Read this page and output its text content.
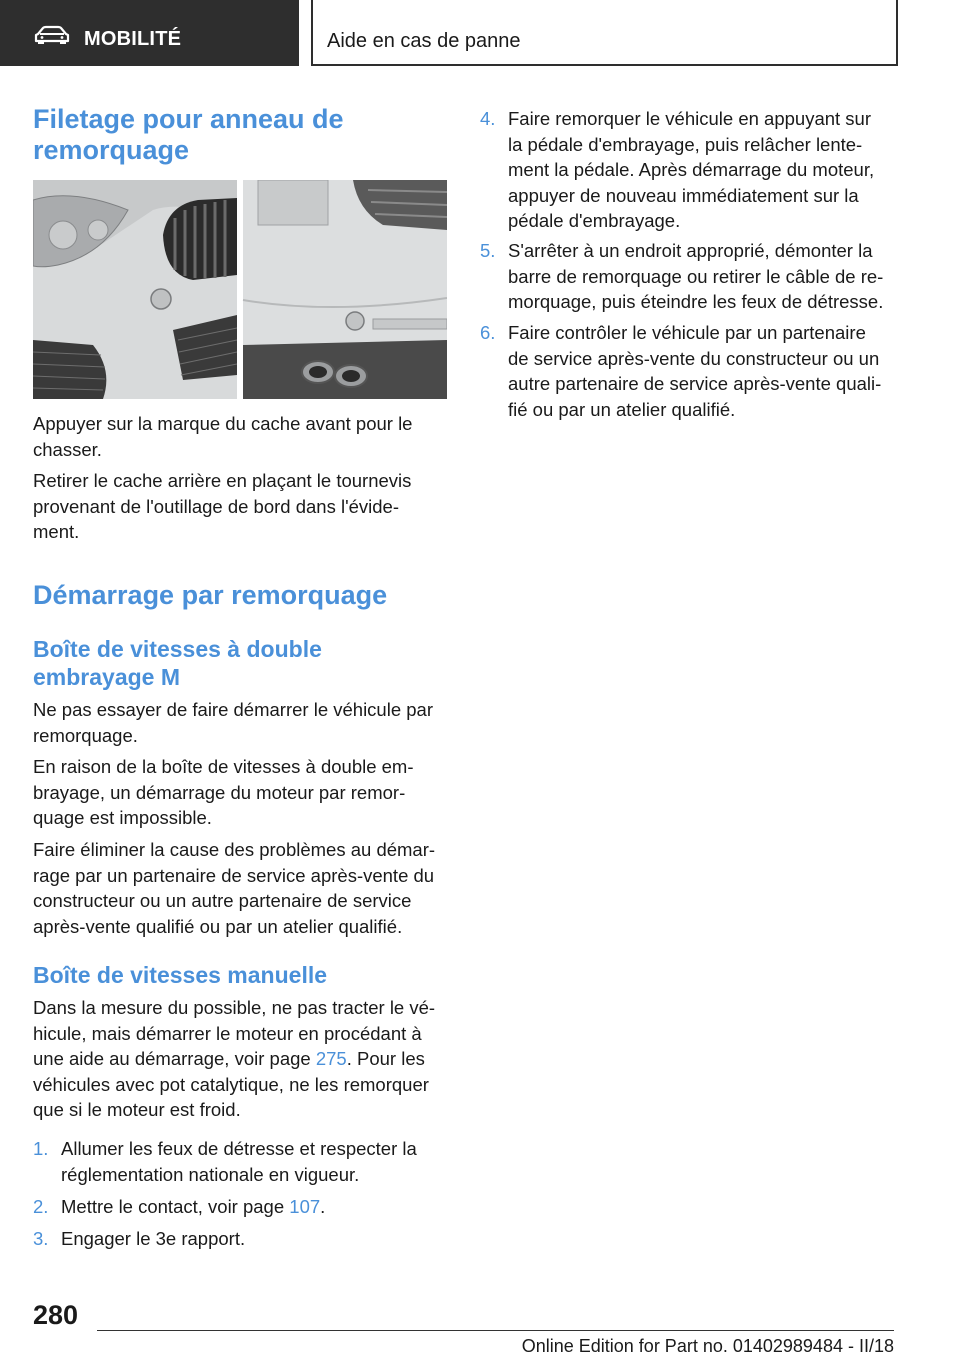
MOBILITÉ	Aide en cas de panne
Filetage pour anneau de
remorquage

Appuyer sur la marque du cache avant pour le
chasser.

Retirer le cache arrière en plaçant le tournevis
provenant de l'outillage de bord dans l'évide‐
ment.

Démarrage par remorquage
Boîte de vitesses à double
embrayage M

Ne pas essayer de faire démarrer le véhicule par
remorquage.

En raison de la boîte de vitesses à double em‐
brayage, un démarrage du moteur par remor‐
quage est impossible.

Faire éliminer la cause des problèmes au démar‐
rage par un partenaire de service après-vente du
constructeur ou un autre partenaire de service
après-vente qualifié ou par un atelier qualifié.

Boîte de vitesses manuelle

Dans la mesure du possible, ne pas tracter le vé‐
hicule, mais démarrer le moteur en procédant à
une aide au démarrage, voir page 275. Pour les
véhicules avec pot catalytique, ne les remorquer
que si le moteur est froid.

1. Allumer les feux de détresse et respecter la
réglementation nationale en vigueur.
2. Mettre le contact, voir page 107.
3. Engager le 3e rapport.
4. Faire remorquer le véhicule en appuyant sur
la pédale d'embrayage, puis relâcher lente‐
ment la pédale. Après démarrage du moteur,
appuyer de nouveau immédiatement sur la
pédale d'embrayage.
5. S'arrêter à un endroit approprié, démonter la
barre de remorquage ou retirer le câble de re‐
morquage, puis éteindre les feux de détresse.
6. Faire contrôler le véhicule par un partenaire
de service après-vente du constructeur ou un
autre partenaire de service après-vente quali‐
fié ou par un atelier qualifié.
280
Online Edition for Part no. 01402989484 - II/18
